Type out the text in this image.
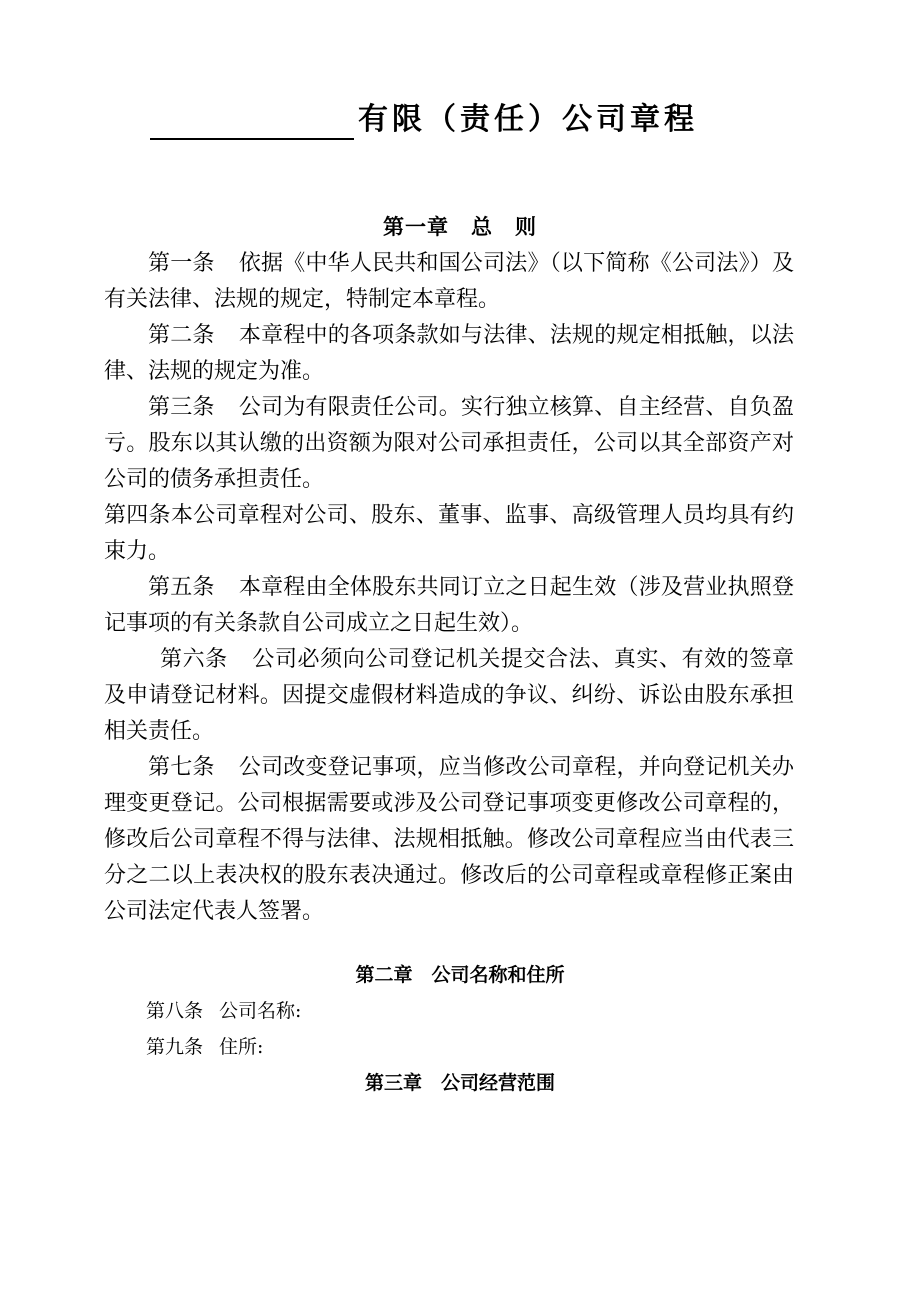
有限（责任）公司章程
第一章　总　则

第一条 依据《中华人民共和国公司法》（以下简称《公司法》）及有关法律、法规的规定，特制定本章程。

第二条 本章程中的各项条款如与法律、法规的规定相抵触，以法律、法规的规定为准。

第三条 公司为有限责任公司。实行独立核算、自主经营、自负盈亏。股东以其认缴的出资额为限对公司承担责任，公司以其全部资产对公司的债务承担责任。

第四条本公司章程对公司、股东、董事、监事、高级管理人员均具有约束力。

第五条 本章程由全体股东共同订立之日起生效（涉及营业执照登记事项的有关条款自公司成立之日起生效）。

第六条 公司必须向公司登记机关提交合法、真实、有效的签章及申请登记材料。因提交虚假材料造成的争议、纠纷、诉讼由股东承担相关责任。

第七条 公司改变登记事项，应当修改公司章程，并向登记机关办理变更登记。公司根据需要或涉及公司登记事项变更修改公司章程的，修改后公司章程不得与法律、法规相抵触。修改公司章程应当由代表三分之二以上表决权的股东表决通过。修改后的公司章程或章程修正案由公司法定代表人签署。

第二章　公司名称和住所
第八条 公司名称:
第九条 住所:
第三章　公司经营范围
